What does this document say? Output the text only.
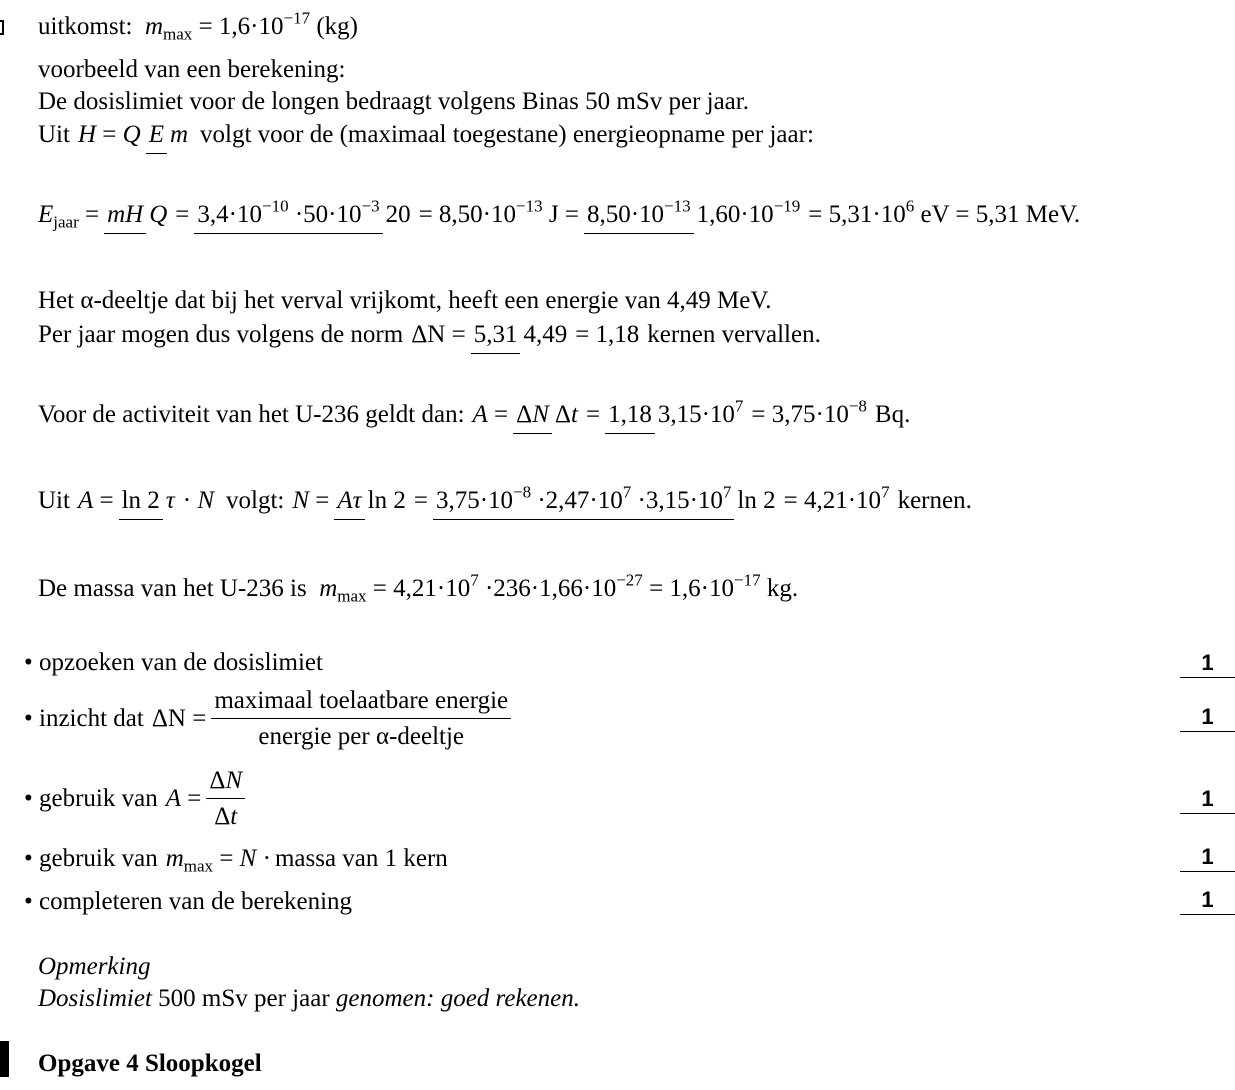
uitkomst: $m_{max} = 1,6\cdot 10^{-17}$ (kg)
voorbeeld van een berekening:
De dosislimiet voor de longen bedraagt volgens Binas 50 mSv per jaar.
Uit H = Q E m volgt voor de (maximaal toegestane) energieopname per jaar:
$E_{jaar}$ = mH $Q = 3,4\cdot 10^{-10} \cdot 50\cdot 10^{-3}$ $20 = 8,50\cdot 10^{-13}$ $J = 8,50\cdot 10^{-13}$ $1,60\cdot 10^{-19} = 5,31\cdot 10^6$ eV = 5,31 MeV.
Het α-deeltje dat bij het verval vrijkomt, heeft een energie van 4,49 MeV.
Per jaar mogen dus volgens de norm ΔN = 5,31 4,49 = 1,18 kernen vervallen.
Voor de activiteit van het U-236 geldt dan: A = ΔN Δt = 1,18 $3,15\cdot 10^7 = 3,75\cdot 10^{-8}$ Bq.
Uit A = ln 2 τ · N volgt: N = Aτ $\ln 2 = 3,75\cdot 10^{-8} \cdot 2,47\cdot 10^7 \cdot 3,15\cdot 10^7$ $\ln 2 = 4,21\cdot 10^7$ kernen.
De massa van het U-236 is $m_{max} = 4,21\cdot 10^7 \cdot 236\cdot 1,66\cdot 10^{-27} = 1,6\cdot 10^{-17}$ kg.
• opzoeken van de dosislimiet	1
• inzicht dat $\Delta N = \frac{\text{maximaal toelaatbare energie}}{\text{energie per α-deeltje}}$	1
• gebruik van $A = \frac{\Delta N}{\Delta t}$	1
• gebruik van $m_{max} = N$ · massa van 1 kern	1
• completeren van de berekening	1
Opmerking
Dosislimiet 500 mSv per jaar genomen: goed rekenen.
Opgave 4 Sloopkogel
